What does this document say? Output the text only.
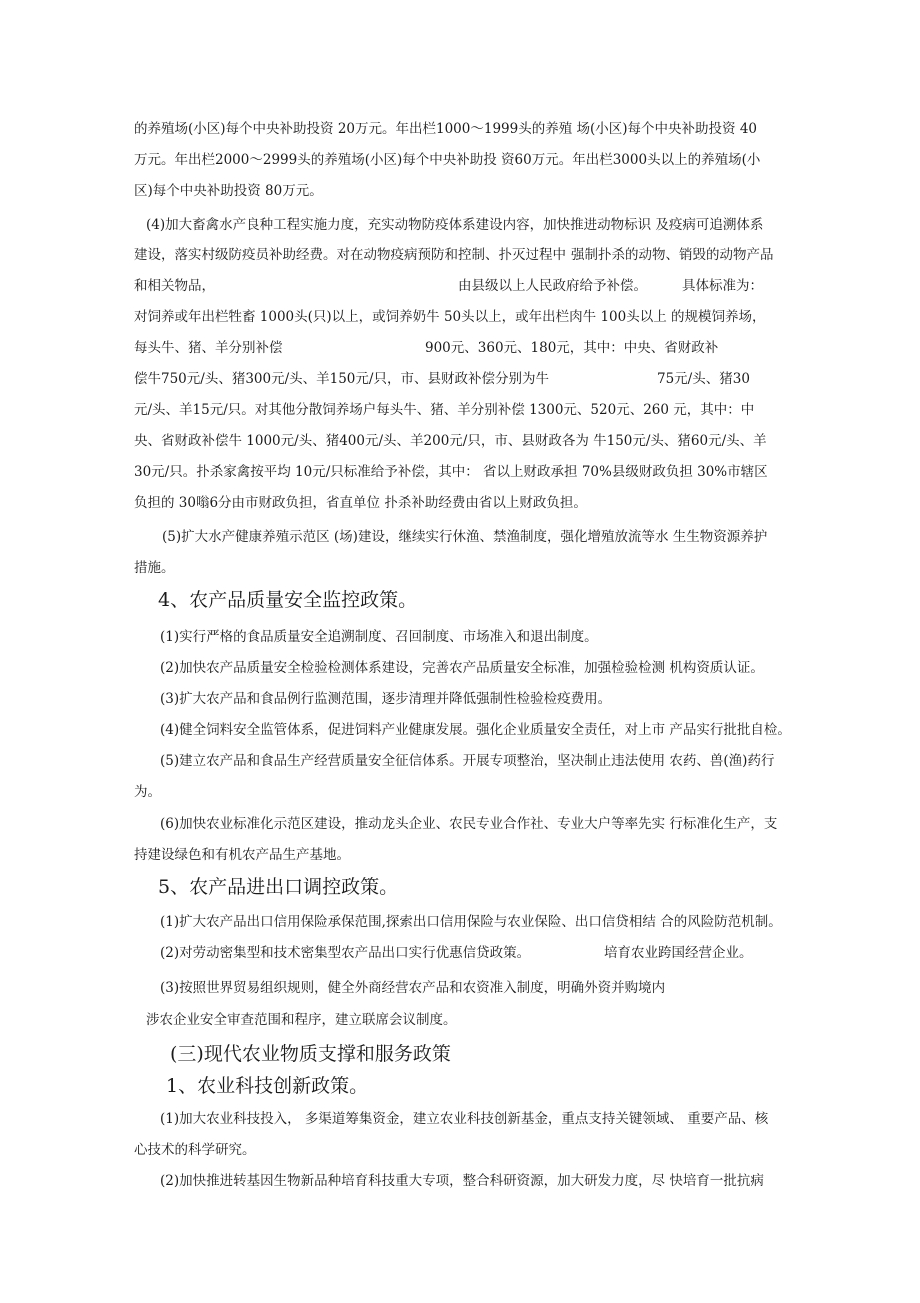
的养殖场(小区)每个中央补助投资 20万元。年出栏1000〜1999头的养殖 场(小区)每个中央补助投资 40
万元。年出栏2000〜2999头的养殖场(小区)每个中央补助投 资60万元。年出栏3000头以上的养殖场(小
区)每个中央补助投资 80万元。
(4)加大畜禽水产良种工程实施力度，充实动物防疫体系建设内容，加快推进动物标识 及疫病可追溯体系
建设，落实村级防疫员补助经费。对在动物疫病预防和控制、扑灭过程中 强制扑杀的动物、销毁的动物产品
和相关物品，	由县级以上人民政府给予补偿。	具体标准为：
对饲养或年出栏牲畜 1000头(只)以上，或饲养奶牛 50头以上，或年出栏肉牛 100头以上 的规模饲养场，
每头牛、猪、羊分别补偿	900元、360元、180元，其中：中央、省财政补
偿牛750元/头、猪300元/头、羊150元/只，市、县财政补偿分别为牛	75元/头、猪30
元/头、羊15元/只。对其他分散饲养场户每头牛、猪、羊分别补偿 1300元、520元、260 元，其中：中
央、省财政补偿牛 1000元/头、猪400元/头、羊200元/只，市、县财政各为 牛150元/头、猪60元/头、羊
30元/只。扑杀家禽按平均 10元/只标准给予补偿，其中： 省以上财政承担 70%县级财政负担 30%市辖区
负担的 30嗡6分由市财政负担，省直单位 扑杀补助经费由省以上财政负担。
(5)扩大水产健康养殖示范区 (场)建设，继续实行休渔、禁渔制度，强化增殖放流等水 生生物资源养护
措施。
4、农产品质量安全监控政策。
(1)实行严格的食品质量安全追溯制度、召回制度、市场准入和退出制度。
(2)加快农产品质量安全检验检测体系建设，完善农产品质量安全标准，加强检验检测 机构资质认证。
(3)扩大农产品和食品例行监测范围，逐步清理并降低强制性检验检疫费用。
(4)健全饲料安全监管体系，促进饲料产业健康发展。强化企业质量安全责任，对上市 产品实行批批自检。
(5)建立农产品和食品生产经营质量安全征信体系。开展专项整治，坚决制止违法使用 农药、兽(渔)药行
为。
(6)加快农业标准化示范区建设，推动龙头企业、农民专业合作社、专业大户等率先实 行标准化生产，支
持建设绿色和有机农产品生产基地。
5、农产品进出口调控政策。
(1)扩大农产品出口信用保险承保范围,探索出口信用保险与农业保险、出口信贷相结 合的风险防范机制。
(2)对劳动密集型和技术密集型农产品出口实行优惠信贷政策。	培育农业跨国经营企业。
(3)按照世界贸易组织规则，健全外商经营农产品和农资准入制度，明确外资并购境内
涉农企业安全审查范围和程序，建立联席会议制度。
(三)现代农业物质支撑和服务政策
1、农业科技创新政策。
(1)加大农业科技投入， 多渠道筹集资金，建立农业科技创新基金，重点支持关键领域、 重要产品、核
心技术的科学研究。
(2)加快推进转基因生物新品种培育科技重大专项，整合科研资源，加大研发力度，尽 快培育一批抗病
